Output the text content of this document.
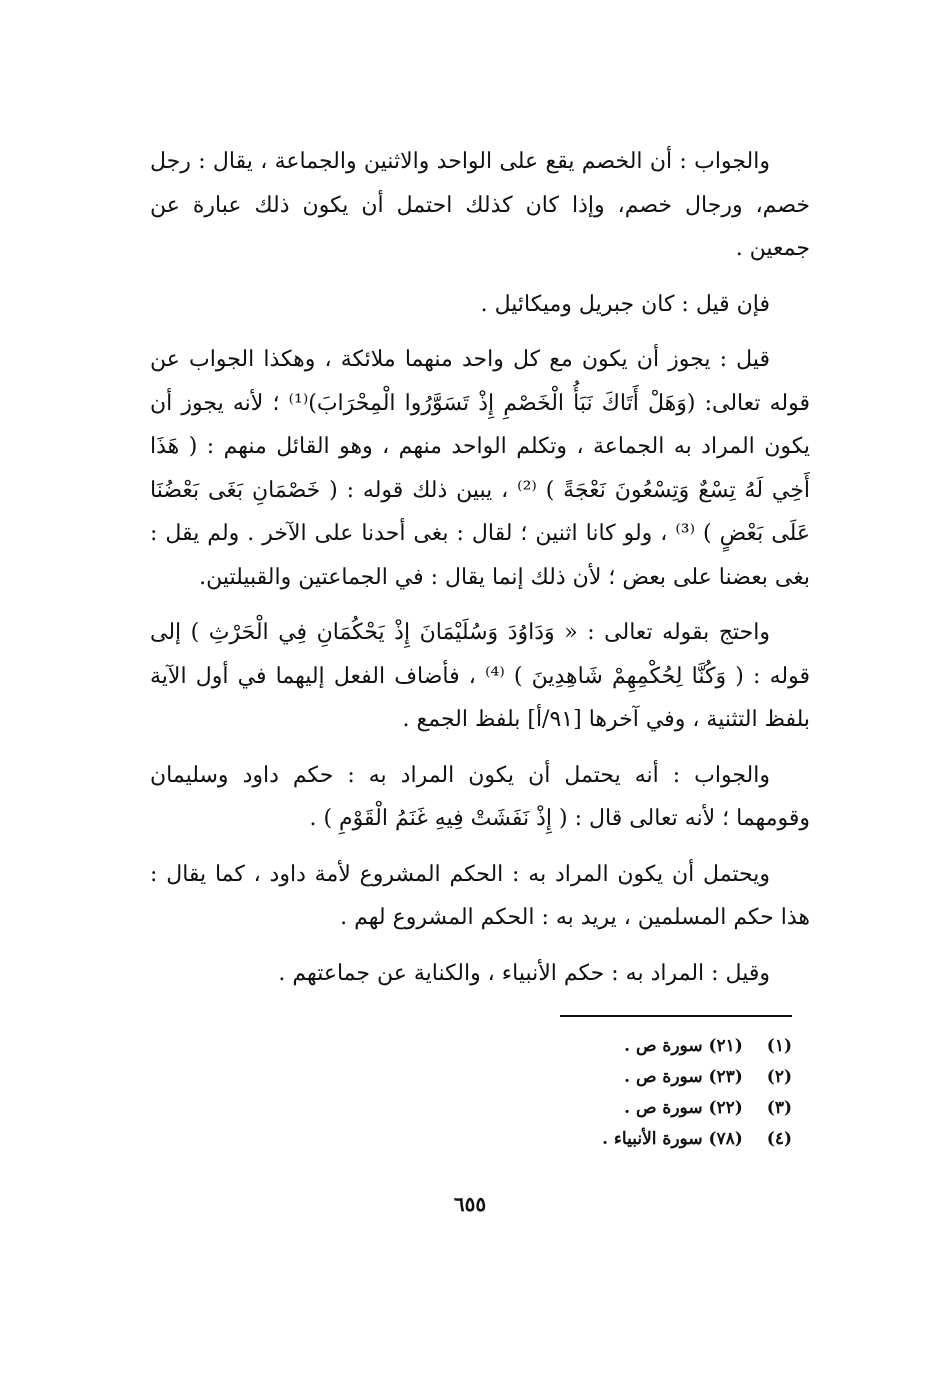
والجواب : أن الخصم يقع على الواحد والاثنين والجماعة ، يقال : رجل خصم، ورجال خصم، وإذا كان كذلك احتمل أن يكون ذلك عبارة عن جمعين .

فإن قيل : كان جبريل وميكائيل .

قيل : يجوز أن يكون مع كل واحد منهما ملائكة ، وهكذا الجواب عن قوله تعالى: (وَهَلْ أَتَاكَ نَبَأُ الْخَصْمِ إِذْ تَسَوَّرُوا الْمِحْرَابَ)⁽¹⁾ ؛ لأنه يجوز أن يكون المراد به الجماعة ، وتكلم الواحد منهم ، وهو القائل منهم : ( هَذَا أَخِي لَهُ تِسْعٌ وَتِسْعُونَ نَعْجَةً ) ⁽²⁾ ، يبين ذلك قوله : ( خَصْمَانِ بَغَى بَعْضُنَا عَلَى بَعْضٍ ) ⁽³⁾ ، ولو كانا اثنين ؛ لقال : بغى أحدنا على الآخر . ولم يقل : بغى بعضنا على بعض ؛ لأن ذلك إنما يقال : في الجماعتين والقبيلتين.

واحتج بقوله تعالى : « وَدَاوُدَ وَسُلَيْمَانَ إِذْ يَحْكُمَانِ فِي الْحَرْثِ ) إلى قوله : ( وَكُنَّا لِحُكْمِهِمْ شَاهِدِينَ ) ⁽⁴⁾ ، فأضاف الفعل إليهما في أول الآية بلفظ التثنية ، وفي آخرها [٩١/أ] بلفظ الجمع .

والجواب : أنه يحتمل أن يكون المراد به : حكم داود وسليمان وقومهما ؛ لأنه تعالى قال : ( إِذْ نَفَشَتْ فِيهِ غَنَمُ الْقَوْمِ ) .

ويحتمل أن يكون المراد به : الحكم المشروع لأمة داود ، كما يقال : هذا حكم المسلمين ، يريد به : الحكم المشروع لهم .

وقيل : المراد به : حكم الأنبياء ، والكناية عن جماعتهم .

(١) (٢١) سورة ص .
(٢) (٢٣) سورة ص .
(٣) (٢٢) سورة ص .
(٤) (٧٨) سورة الأنبياء .
٦٥٥
